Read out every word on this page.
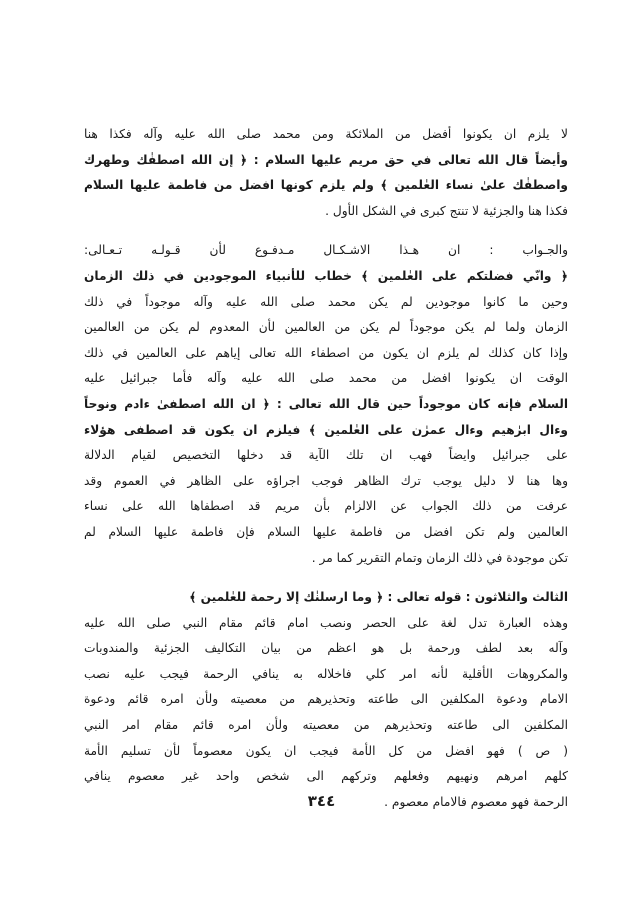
لا يلزم ان يكونوا أفضل من الملائكة ومن محمد صلى الله عليه وآله فكذا هنا
وأيضاً قال الله تعالى في حق مريم عليها السلام : ﴿ إن الله اصطفٰك وطهرك
واصطفٰك علىٰ نساء العٰلمين ﴾ ولم يلزم كونها افضل من فاطمة عليها السلام
فكذا هنا والجزئية لا تنتج كبرى في الشكل الأول .

والجـواب : ان هـذا الاشـكـال مـدفـوع لأن قـولـه تـعـالى:
﴿ وانّي فضلتكم على العٰلمين ﴾ خطاب للأنبياء الموجودين في ذلك الزمان
وحين ما كانوا موجودين لم يكن محمد صلى الله عليه وآله موجوداً في ذلك
الزمان ولما لم يكن موجوداً لم يكن من العالمين لأن المعدوم لم يكن من العالمين
وإذا كان كذلك لم يلزم ان يكون من اصطفاء الله تعالى إياهم على العالمين في ذلك
الوقت ان يكونوا افضل من محمد صلى الله عليه وآله فأما جبرائيل عليه
السلام فإنه كان موجوداً حين قال الله تعالى : ﴿ ان الله اصطفىٰ ءادم ونوحاً
وءال ابرٰهيم وءال عمرٰن على العٰلمين ﴾ فيلزم ان يكون قد اصطفى هؤلاء
على جبرائيل وايضاً فهب ان تلك الآية قد دخلها التخصيص لقيام الدلالة
وها هنا لا دليل يوجب ترك الظاهر فوجب اجراؤه على الظاهر في العموم وقد
عرفت من ذلك الجواب عن الالزام بأن مريم قد اصطفاها الله على نساء
العالمين ولم تكن افضل من فاطمة عليها السلام فإن فاطمة عليها السلام لم
تكن موجودة في ذلك الزمان وتمام التقرير كما مر .

الثالث والثلاثون : قوله تعالى : ﴿ وما ارسلنٰك إلا رحمة للعٰلمين ﴾
وهذه العبارة تدل لغة على الحصر ونصب امام قائم مقام النبي صلى الله عليه
وآله بعد لطف ورحمة بل هو اعظم من بيان التكاليف الجزئية والمندوبات
والمكروهات الأقلية لأنه امر كلي فاخلاله به ينافي الرحمة فيجب عليه نصب
الامام ودعوة المكلفين الى طاعته وتحذيرهم من معصيته ولأن امره قائم ودعوة
المكلفين الى طاعته وتحذيرهم من معصيته ولأن امره قائم مقام امر النبي
( ص ) فهو افضل من كل الأمة فيجب ان يكون معصوماً لأن تسليم الأمة
كلهم امرهم ونهيهم وفعلهم وتركهم الى شخص واحد غير معصوم ينافي
الرحمة فهو معصوم فالامام معصوم .

٣٤٤
